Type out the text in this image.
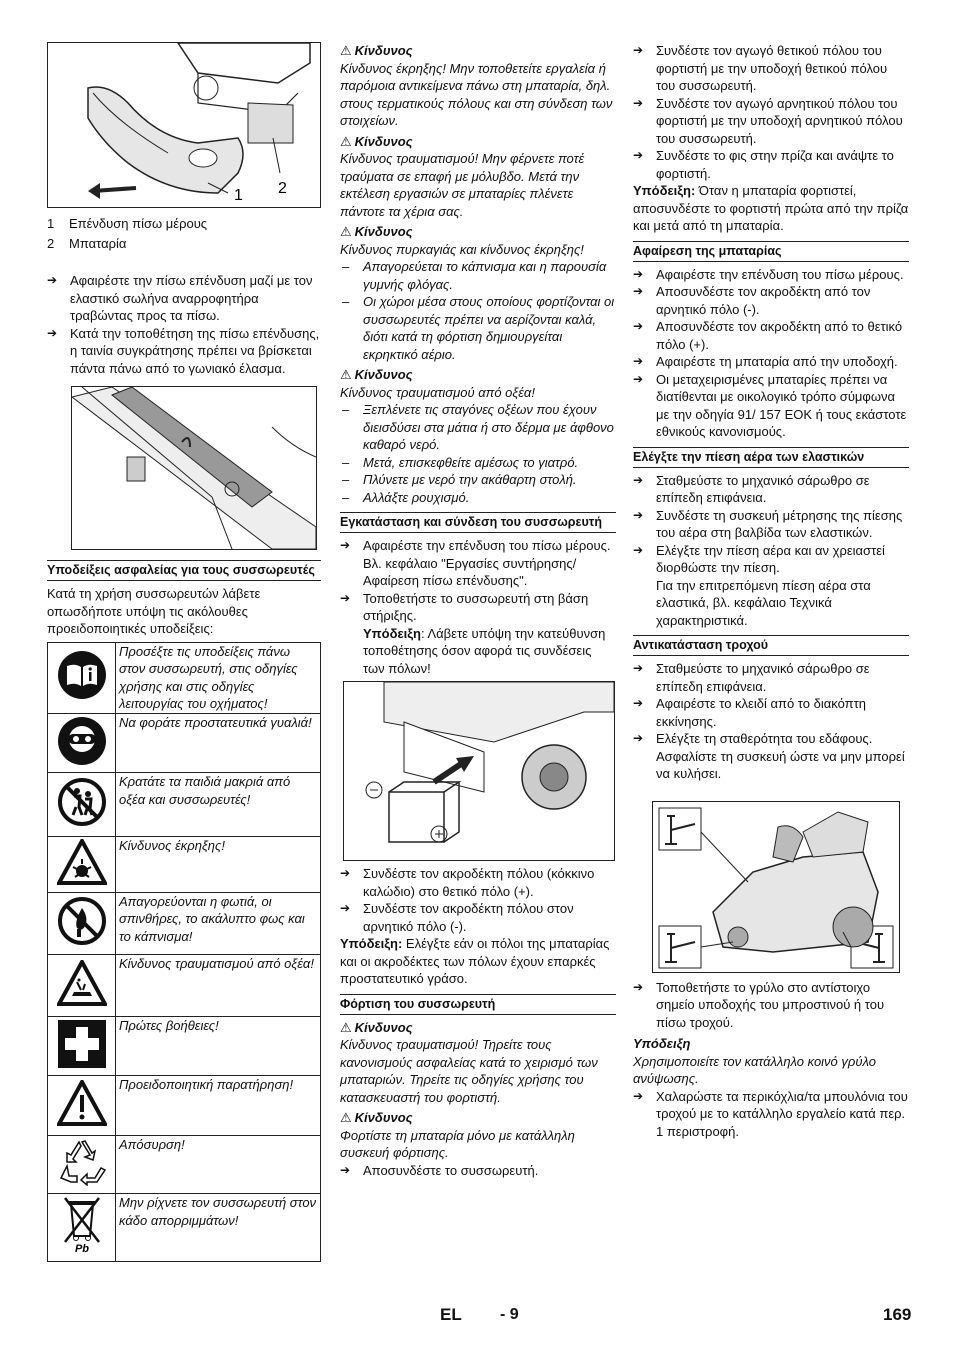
1 2
1 Επένδυση πίσω μέρους
2 Μπαταρία

➔ Αφαιρέστε την πίσω επένδυση μαζί με τον ελαστικό σωλήνα αναρροφητήρα τραβώντας προς τα πίσω.

➔ Κατά την τοποθέτηση της πίσω επένδυσης, η ταινία συγκράτησης πρέπει να βρίσκεται πάντα πάνω από το γωνιακό έλασμα.

Υποδείξεις ασφαλείας για τους συσσωρευτές

Κατά τη χρήση συσσωρευτών λάβετε οπωσδήποτε υπόψη τις ακόλουθες προειδοποιητικές υποδείξεις:

	Προσέξτε τις υποδείξεις πάνω στον συσσωρευτή, στις οδηγίες χρήσης και στις οδηγίες λειτουργίας του οχήματος!
	Να φοράτε προστατευτικά γυαλιά!
	Κρατάτε τα παιδιά μακριά από οξέα και συσσωρευτές!
	Κίνδυνος έκρηξης!
	Απαγορεύονται η φωτιά, οι σπινθήρες, το ακάλυπτο φως και το κάπνισμα!
	Κίνδυνος τραυματισμού από οξέα!
	Πρώτες βοήθειες!
	Προειδοποιητική παρατήρηση!
	Απόσυρση!

Pb	Μην ρίχνετε τον συσσωρευτή στον κάδο απορριμμάτων!
⚠ Κίνδυνος

Κίνδυνος έκρηξης! Μην τοποθετείτε εργαλεία ή παρόμοια αντικείμενα πάνω στη μπαταρία, δηλ. στους τερματικούς πόλους και στη σύνδεση των στοιχείων.

⚠ Κίνδυνος

Κίνδυνος τραυματισμού! Μην φέρνετε ποτέ τραύματα σε επαφή με μόλυβδο. Μετά την εκτέλεση εργασιών σε μπαταρίες πλένετε πάντοτε τα χέρια σας.

⚠ Κίνδυνος

Κίνδυνος πυρκαγιάς και κίνδυνος έκρηξης!

– Απαγορεύεται το κάπνισμα και η παρουσία γυμνής φλόγας.

– Οι χώροι μέσα στους οποίους φορτίζονται οι συσσωρευτές πρέπει να αερίζονται καλά, διότι κατά τη φόρτιση δημιουργείται εκρηκτικό αέριο.

⚠ Κίνδυνος

Κίνδυνος τραυματισμού από οξέα!

– Ξεπλένετε τις σταγόνες οξέων που έχουν διεισδύσει στα μάτια ή στο δέρμα με άφθονο καθαρό νερό.

– Μετά, επισκεφθείτε αμέσως το γιατρό.

– Πλύνετε με νερό την ακάθαρτη στολή.

– Αλλάξτε ρουχισμό.

Εγκατάσταση και σύνδεση του συσσωρευτή

➔ Αφαιρέστε την επένδυση του πίσω μέρους.

Βλ. κεφάλαιο "Εργασίες συντήρησης/ Αφαίρεση πίσω επένδυσης".

➔ Τοποθετήστε το συσσωρευτή στη βάση στήριξης.

Υπόδειξη: Λάβετε υπόψη την κατεύθυνση τοποθέτησης όσον αφορά τις συνδέσεις των πόλων!

➔ Συνδέστε τον ακροδέκτη πόλου (κόκκινο καλώδιο) στο θετικό πόλο (+).

➔ Συνδέστε τον ακροδέκτη πόλου στον αρνητικό πόλο (-).

Υπόδειξη: Ελέγξτε εάν οι πόλοι της μπαταρίας και οι ακροδέκτες των πόλων έχουν επαρκές προστατευτικό γράσο.

Φόρτιση του συσσωρευτή
⚠ Κίνδυνος

Κίνδυνος τραυματισμού! Τηρείτε τους κανονισμούς ασφαλείας κατά το χειρισμό των μπαταριών. Τηρείτε τις οδηγίες χρήσης του κατασκευαστή του φορτιστή.

⚠ Κίνδυνος

Φορτίστε τη μπαταρία μόνο με κατάλληλη συσκευή φόρτισης.

➔ Αποσυνδέστε το συσσωρευτή.

➔ Συνδέστε τον αγωγό θετικού πόλου του φορτιστή με την υποδοχή θετικού πόλου του συσσωρευτή.

➔ Συνδέστε τον αγωγό αρνητικού πόλου του φορτιστή με την υποδοχή αρνητικού πόλου του συσσωρευτή.

➔ Συνδέστε το φις στην πρίζα και ανάψτε το φορτιστή.

Υπόδειξη: Όταν η μπαταρία φορτιστεί, αποσυνδέστε το φορτιστή πρώτα από την πρίζα και μετά από τη μπαταρία.

Αφαίρεση της μπαταρίας

➔ Αφαιρέστε την επένδυση του πίσω μέρους.

➔ Αποσυνδέστε τον ακροδέκτη από τον αρνητικό πόλο (-).

➔ Αποσυνδέστε τον ακροδέκτη από το θετικό πόλο (+).

➔ Αφαιρέστε τη μπαταρία από την υποδοχή.

➔ Οι μεταχειρισμένες μπαταρίες πρέπει να διατίθενται με οικολογικό τρόπο σύμφωνα με την οδηγία 91/ 157 ΕΟΚ ή τους εκάστοτε εθνικούς κανονισμούς.

Ελέγξτε την πίεση αέρα των ελαστικών

➔ Σταθμεύστε το μηχανικό σάρωθρο σε επίπεδη επιφάνεια.

➔ Συνδέστε τη συσκευή μέτρησης της πίεσης του αέρα στη βαλβίδα των ελαστικών.

➔ Ελέγξτε την πίεση αέρα και αν χρειαστεί διορθώστε την πίεση.

Για την επιτρεπόμενη πίεση αέρα στα ελαστικά, βλ. κεφάλαιο Τεχνικά χαρακτηριστικά.

Αντικατάσταση τροχού

➔ Σταθμεύστε το μηχανικό σάρωθρο σε επίπεδη επιφάνεια.

➔ Αφαιρέστε το κλειδί από το διακόπτη εκκίνησης.

➔ Ελέγξτε τη σταθερότητα του εδάφους. Ασφαλίστε τη συσκευή ώστε να μην μπορεί να κυλήσει.

➔ Τοποθετήστε το γρύλο στο αντίστοιχο σημείο υποδοχής του μπροστινού ή του πίσω τροχού.

Υπόδειξη

Χρησιμοποιείτε τον κατάλληλο κοινό γρύλο ανύψωσης.

➔ Χαλαρώστε τα περικόχλια/τα μπουλόνια του τροχού με το κατάλληλο εργαλείο κατά περ. 1 περιστροφή.

EL - 9	169
